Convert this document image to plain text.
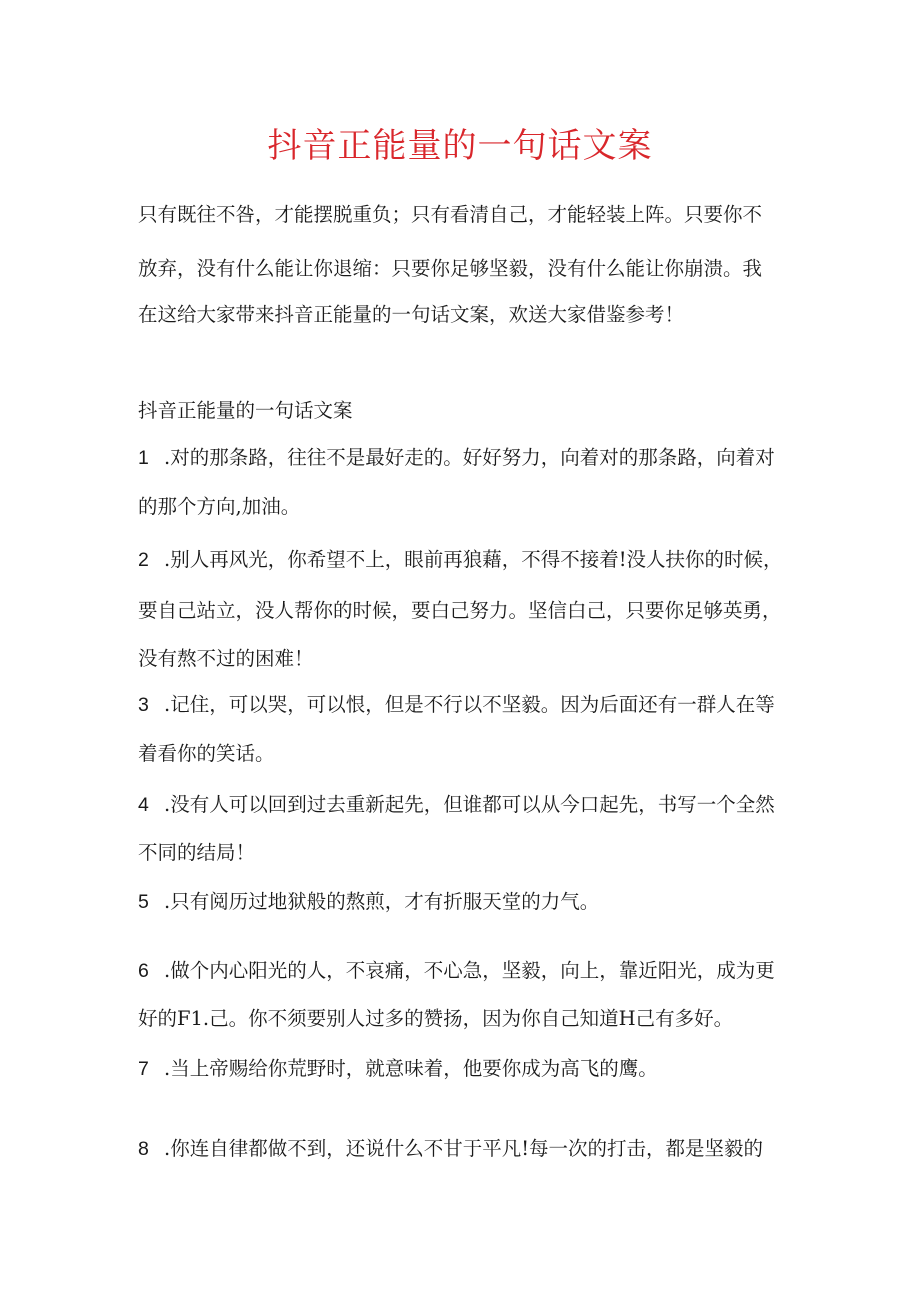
抖音正能量的一句话文案
只有既往不咎，才能摆脱重负；只有看清自己，才能轻装上阵。只要你不
放弃，没有什么能让你退缩：只要你足够坚毅，没有什么能让你崩溃。我
在这给大家带来抖音正能量的一句话文案，欢送大家借鉴参考！
抖音正能量的一句话文案
1 .对的那条路，往往不是最好走的。好好努力，向着对的那条路，向着对
的那个方向,加油。
2 .别人再风光，你希望不上，眼前再狼藉，不得不接着!没人扶你的时候，
要自己站立，没人帮你的时候，要白己努力。坚信白己，只要你足够英勇，
没有熬不过的困难！
3 .记住，可以哭，可以恨，但是不行以不坚毅。因为后面还有一群人在等
着看你的笑话。
4 .没有人可以回到过去重新起先，但谁都可以从今口起先，书写一个全然
不同的结局！
5 .只有阅历过地狱般的熬煎，才有折服天堂的力气。
6 .做个内心阳光的人，不哀痛，不心急，坚毅，向上，靠近阳光，成为更
好的F1.己。你不须要别人过多的赞扬，因为你自己知道H己有多好。
7 .当上帝赐给你荒野时，就意味着，他要你成为高飞的鹰。
8 .你连自律都做不到，还说什么不甘于平凡!每一次的打击，都是坚毅的
